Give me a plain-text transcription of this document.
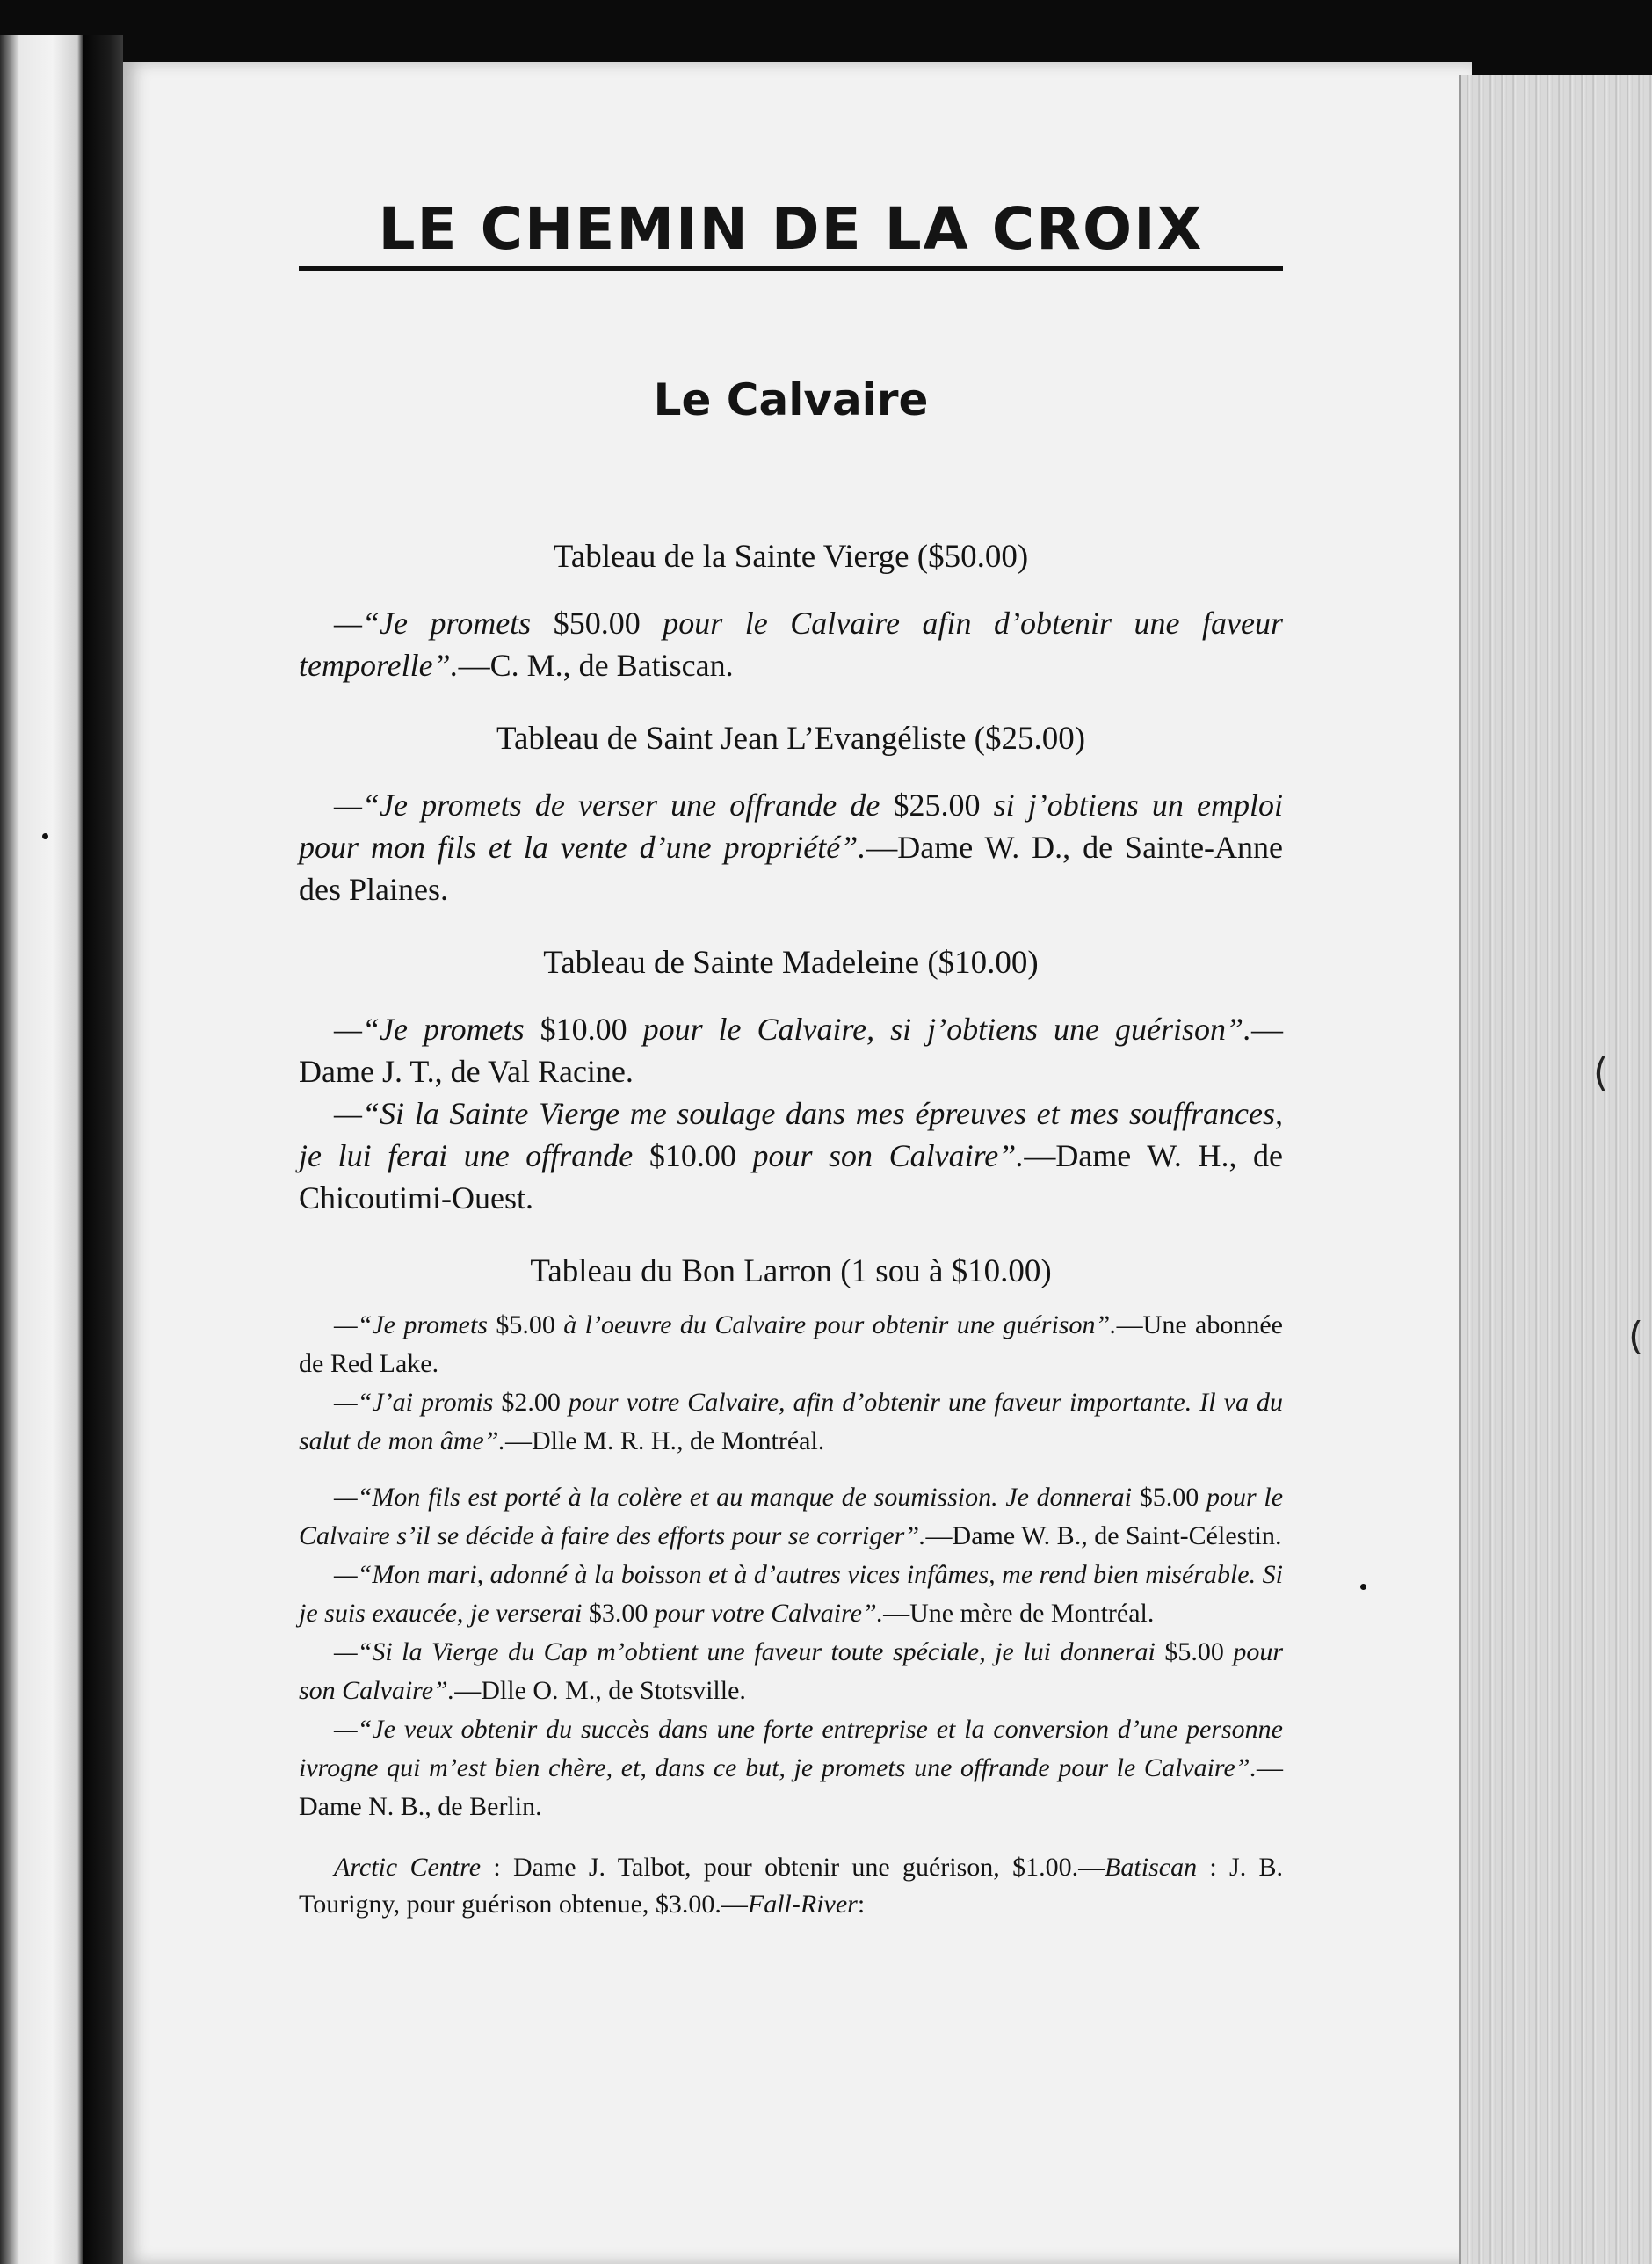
(
(
LE CHEMIN DE LA CROIX
Le Calvaire
Tableau de la Sainte Vierge ($50.00)

—“Je promets $50.00 pour le Calvaire afin d’obtenir une faveur temporelle”.—C. M., de Batiscan.

Tableau de Saint Jean L’Evangéliste ($25.00)

—“Je promets de verser une offrande de $25.00 si j’obtiens un emploi pour mon fils et la vente d’une propriété”.—Dame W. D., de Sainte-Anne des Plaines.

Tableau de Sainte Madeleine ($10.00)

—“Je promets $10.00 pour le Calvaire, si j’obtiens une guérison”.—Dame J. T., de Val Racine.

—“Si la Sainte Vierge me soulage dans mes épreuves et mes souffrances, je lui ferai une offrande $10.00 pour son Calvaire”.—Dame W. H., de Chicoutimi-Ouest.

Tableau du Bon Larron (1 sou à $10.00)

—“Je promets $5.00 à l’oeuvre du Calvaire pour obtenir une guérison”.—Une abonnée de Red Lake.

—“J’ai promis $2.00 pour votre Calvaire, afin d’obtenir une faveur importante. Il va du salut de mon âme”.—Dlle M. R. H., de Montréal.

—“Mon fils est porté à la colère et au manque de soumission. Je donnerai $5.00 pour le Calvaire s’il se décide à faire des efforts pour se corriger”.—Dame W. B., de Saint-Célestin.

—“Mon mari, adonné à la boisson et à d’autres vices infâmes, me rend bien misérable. Si je suis exaucée, je verserai $3.00 pour votre Calvaire”.—Une mère de Montréal.

—“Si la Vierge du Cap m’obtient une faveur toute spéciale, je lui donnerai $5.00 pour son Calvaire”.—Dlle O. M., de Stotsville.

—“Je veux obtenir du succès dans une forte entreprise et la conversion d’une personne ivrogne qui m’est bien chère, et, dans ce but, je promets une offrande pour le Calvaire”.—Dame N. B., de Berlin.

Arctic Centre : Dame J. Talbot, pour obtenir une guérison, $1.00.—Batiscan : J. B. Tourigny, pour guérison obtenue, $3.00.—Fall-River:
